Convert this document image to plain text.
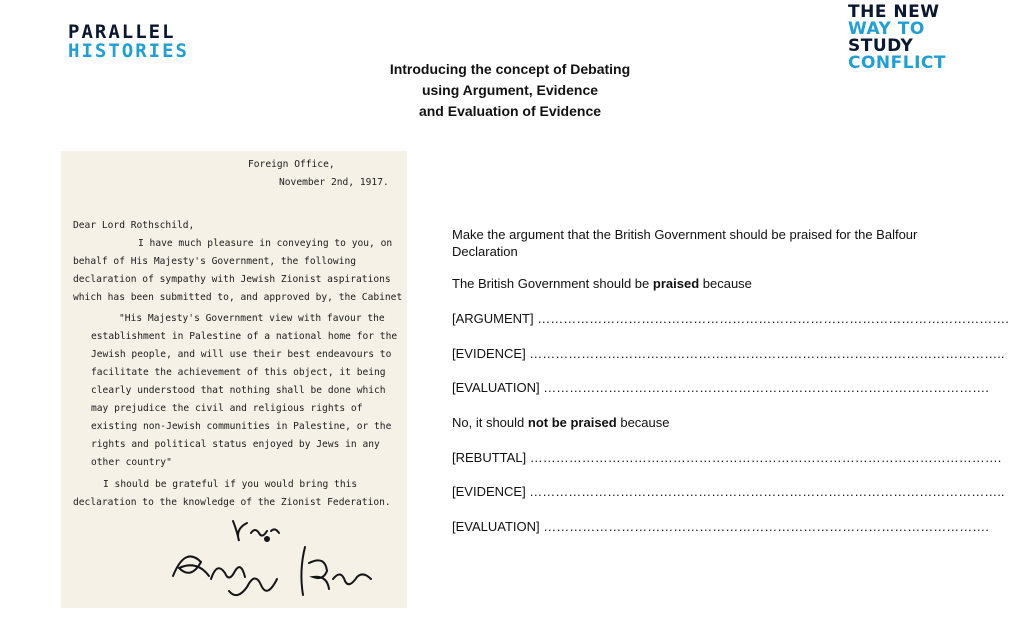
PARALLEL
HISTORIES
THE NEW
WAY TO
STUDY
CONFLICT
Introducing the concept of Debating
using Argument, Evidence
and Evaluation of Evidence
Foreign Office,
November 2nd, 1917.
Dear Lord Rothschild,
I have much pleasure in conveying to you, on
behalf of His Majesty's Government, the following
declaration of sympathy with Jewish Zionist aspirations
which has been submitted to, and approved by, the Cabinet
"His Majesty's Government view with favour the
establishment in Palestine of a national home for the
Jewish people, and will use their best endeavours to
facilitate the achievement of this object, it being
clearly understood that nothing shall be done which
may prejudice the civil and religious rights of
existing non-Jewish communities in Palestine, or the
rights and political status enjoyed by Jews in any
other country"
I should be grateful if you would bring this
declaration to the knowledge of the Zionist Federation.
Make the argument that the British Government should be praised for the Balfour Declaration
The British Government should be praised because
[ARGUMENT] ……………………………………………………………………………………………….
[EVIDENCE] ………………………………………………………………………………………………..
[EVALUATION] ………………………………………………………………………………………….
No, it should not be praised because
[REBUTTAL] ……………………………………………………………………………………………….
[EVIDENCE] ………………………………………………………………………………………………..
[EVALUATION] ………………………………………………………………………………………….
